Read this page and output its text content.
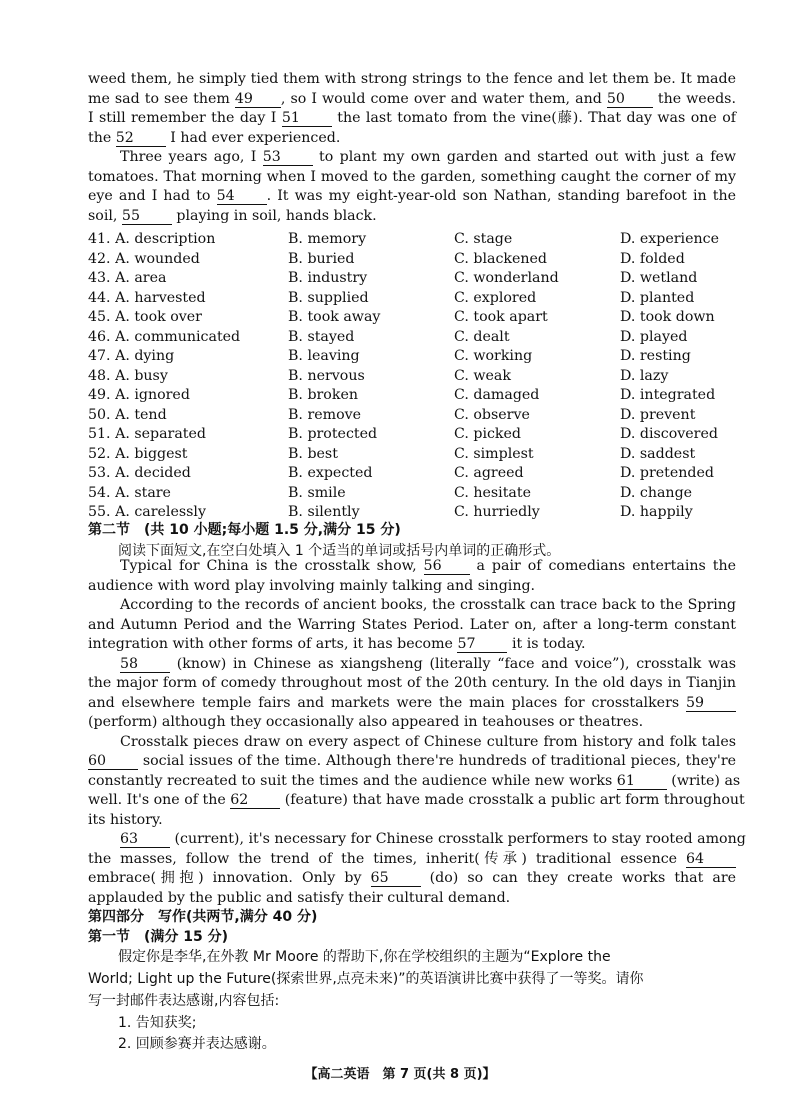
weed them, he simply tied them with strong strings to the fence and let them be. It made
me sad to see them 49 , so I would come over and water them, and 50 the weeds.
I still remember the day I 51 the last tomato from the vine(藤). That day was one of
the 52 I had ever experienced.
Three years ago, I 53 to plant my own garden and started out with just a few
tomatoes. That morning when I moved to the garden, something caught the corner of my
eye and I had to 54 . It was my eight-year-old son Nathan, standing barefoot in the
soil, 55 playing in soil, hands black.
41. A. description	B. memory	C. stage	D. experience
42. A. wounded	B. buried	C. blackened	D. folded
43. A. area	B. industry	C. wonderland	D. wetland
44. A. harvested	B. supplied	C. explored	D. planted
45. A. took over	B. took away	C. took apart	D. took down
46. A. communicated	B. stayed	C. dealt	D. played
47. A. dying	B. leaving	C. working	D. resting
48. A. busy	B. nervous	C. weak	D. lazy
49. A. ignored	B. broken	C. damaged	D. integrated
50. A. tend	B. remove	C. observe	D. prevent
51. A. separated	B. protected	C. picked	D. discovered
52. A. biggest	B. best	C. simplest	D. saddest
53. A. decided	B. expected	C. agreed	D. pretended
54. A. stare	B. smile	C. hesitate	D. change
55. A. carelessly	B. silently	C. hurriedly	D. happily
第二节　(共 10 小题;每小题 1.5 分,满分 15 分)
阅读下面短文,在空白处填入 1 个适当的单词或括号内单词的正确形式。
Typical for China is the crosstalk show, 56 a pair of comedians entertains the
audience with word play involving mainly talking and singing.
According to the records of ancient books, the crosstalk can trace back to the Spring
and Autumn Period and the Warring States Period. Later on, after a long-term constant
integration with other forms of arts, it has become 57 it is today.
58 (know) in Chinese as xiangsheng (literally “face and voice”), crosstalk was
the major form of comedy throughout most of the 20th century. In the old days in Tianjin
and elsewhere temple fairs and markets were the main places for crosstalkers 59
(perform) although they occasionally also appeared in teahouses or theatres.
Crosstalk pieces draw on every aspect of Chinese culture from history and folk tales
60 social issues of the time. Although there're hundreds of traditional pieces, they're
constantly recreated to suit the times and the audience while new works 61 (write) as
well. It's one of the 62 (feature) that have made crosstalk a public art form throughout
its history.
63 (current), it's necessary for Chinese crosstalk performers to stay rooted among
the masses, follow the trend of the times, inherit(传承) traditional essence 64
embrace(拥抱) innovation. Only by 65 (do) so can they create works that are
applauded by the public and satisfy their cultural demand.
第四部分　写作(共两节,满分 40 分)
第一节　(满分 15 分)
假定你是李华,在外教 Mr Moore 的帮助下,你在学校组织的主题为“Explore the
World; Light up the Future(探索世界,点亮未来)”的英语演讲比赛中获得了一等奖。请你
写一封邮件表达感谢,内容包括:
1. 告知获奖;
2. 回顾参赛并表达感谢。
【高二英语　第 7 页(共 8 页)】
